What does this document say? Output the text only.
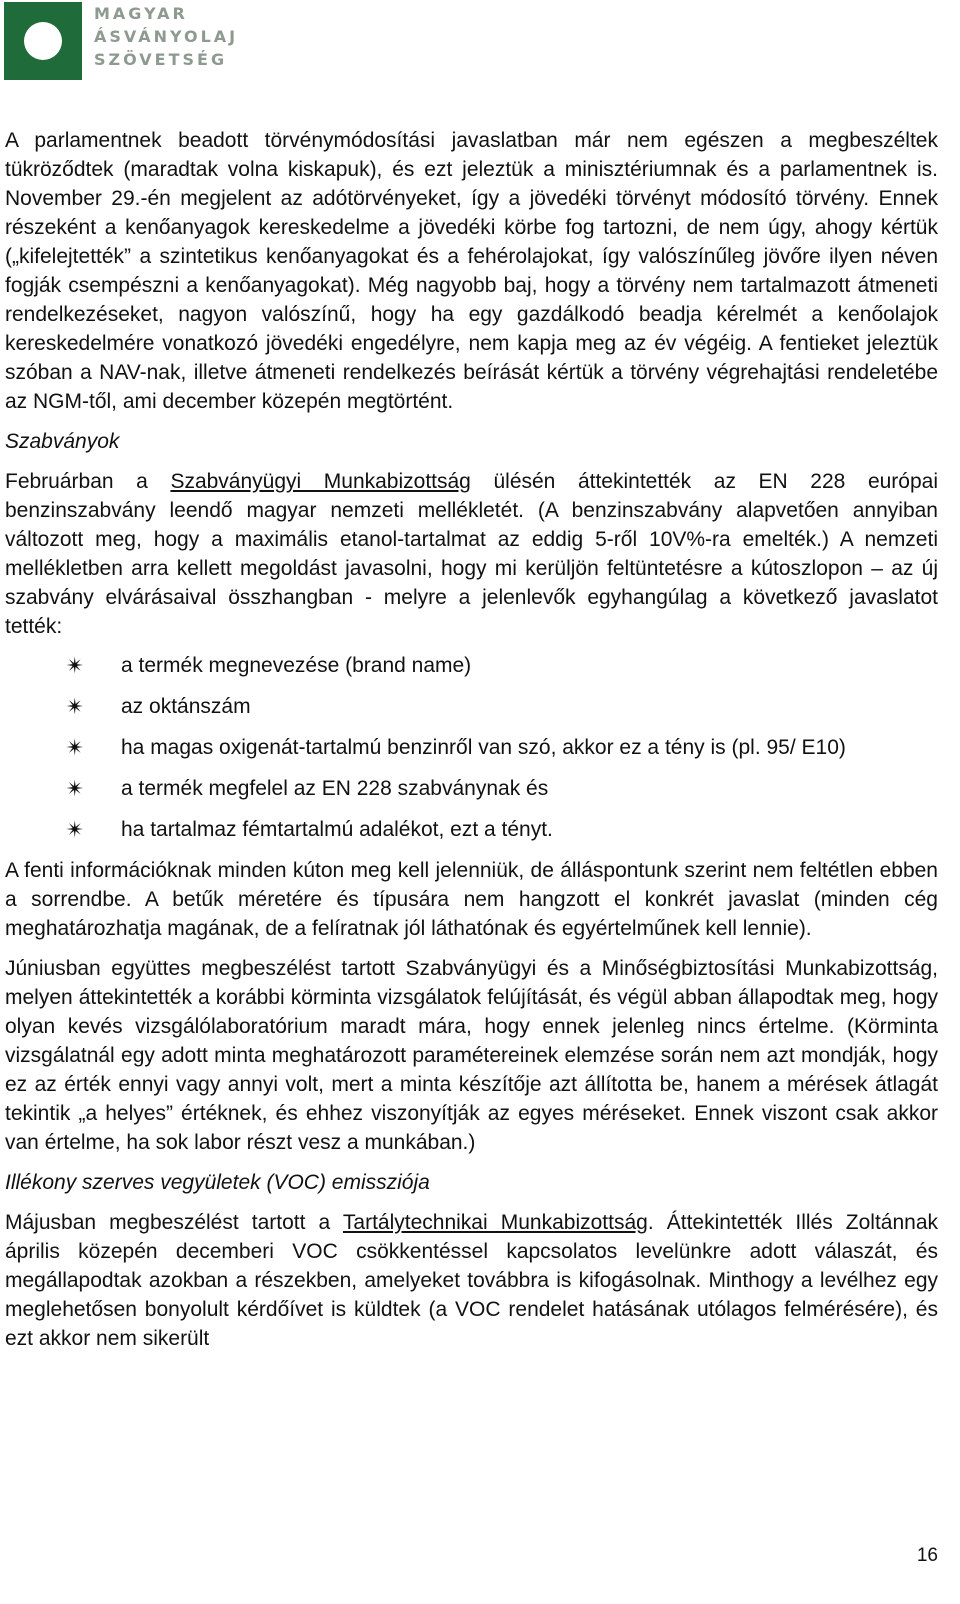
MAGYAR
ÁSVÁNYOLAJ
SZÖVETSÉG

A parlamentnek beadott törvénymódosítási javaslatban már nem egészen a megbeszéltek tükröződtek (maradtak volna kiskapuk), és ezt jeleztük a minisztériumnak és a parlamentnek is. November 29.-én megjelent az adótörvényeket, így a jövedéki törvényt módosító törvény. Ennek részeként a kenőanyagok kereskedelme a jövedéki körbe fog tartozni, de nem úgy, ahogy kértük („kifelejtették” a szintetikus kenőanyagokat és a fehérolajokat, így valószínűleg jövőre ilyen néven fogják csempészni a kenőanyagokat). Még nagyobb baj, hogy a törvény nem tartalmazott átmeneti rendelkezéseket, nagyon valószínű, hogy ha egy gazdálkodó beadja kérelmét a kenőolajok kereskedelmére vonatkozó jövedéki engedélyre, nem kapja meg az év végéig. A fentieket jeleztük szóban a NAV-nak, illetve átmeneti rendelkezés beírását kértük a törvény végrehajtási rendeletébe az NGM-től, ami december közepén megtörtént.

Szabványok

Februárban a Szabványügyi Munkabizottság ülésén áttekintették az EN 228 európai benzinszabvány leendő magyar nemzeti mellékletét. (A benzinszabvány alapvetően annyiban változott meg, hogy a maximális etanol-tartalmat az eddig 5-ről 10V%-ra emelték.) A nemzeti mellékletben arra kellett megoldást javasolni, hogy mi kerüljön feltüntetésre a kútoszlopon – az új szabvány elvárásaival összhangban - melyre a jelenlevők egyhangúlag a következő javaslatot tették:

✴ a termék megnevezése (brand name)
✴ az oktánszám
✴ ha magas oxigenát-tartalmú benzinről van szó, akkor ez a tény is (pl. 95/ E10)
✴ a termék megfelel az EN 228 szabványnak és
✴ ha tartalmaz fémtartalmú adalékot, ezt a tényt.

A fenti információknak minden kúton meg kell jelenniük, de álláspontunk szerint nem feltétlen ebben a sorrendbe. A betűk méretére és típusára nem hangzott el konkrét javaslat (minden cég meghatározhatja magának, de a felíratnak jól láthatónak és egyértelműnek kell lennie).

Júniusban együttes megbeszélést tartott Szabványügyi és a Minőségbiztosítási Munkabizottság, melyen áttekintették a korábbi körminta vizsgálatok felújítását, és végül abban állapodtak meg, hogy olyan kevés vizsgálólaboratórium maradt mára, hogy ennek jelenleg nincs értelme. (Körminta vizsgálatnál egy adott minta meghatározott paramétereinek elemzése során nem azt mondják, hogy ez az érték ennyi vagy annyi volt, mert a minta készítője azt állította be, hanem a mérések átlagát tekintik „a helyes” értéknek, és ehhez viszonyítják az egyes méréseket. Ennek viszont csak akkor van értelme, ha sok labor részt vesz a munkában.)

Illékony szerves vegyületek (VOC) emissziója

Májusban megbeszélést tartott a Tartálytechnikai Munkabizottság. Áttekintették Illés Zoltánnak április közepén decemberi VOC csökkentéssel kapcsolatos levelünkre adott válaszát, és megállapodtak azokban a részekben, amelyeket továbbra is kifogásolnak. Minthogy a levélhez egy meglehetősen bonyolult kérdőívet is küldtek (a VOC rendelet hatásának utólagos felmérésére), és ezt akkor nem sikerült

16
